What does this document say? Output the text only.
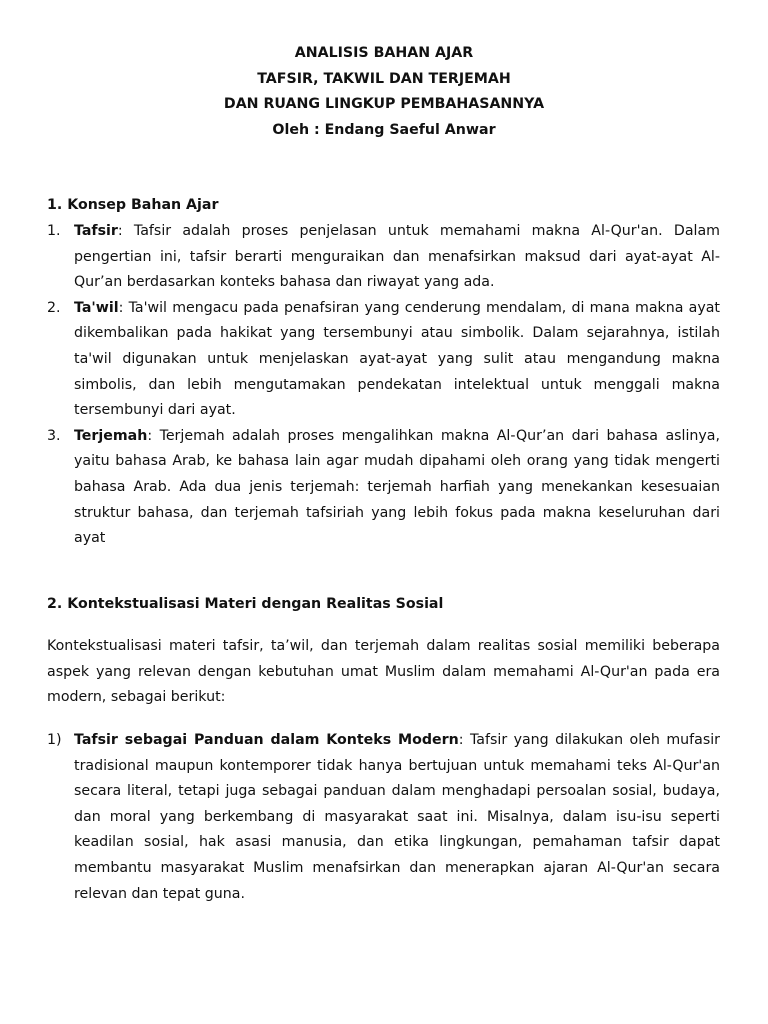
ANALISIS BAHAN AJAR
TAFSIR, TAKWIL DAN TERJEMAH
DAN RUANG LINGKUP PEMBAHASANNYA
Oleh : Endang Saeful Anwar
1. Konsep Bahan Ajar
1. Tafsir: Tafsir adalah proses penjelasan untuk memahami makna Al-Qur'an. Dalam pengertian ini, tafsir berarti menguraikan dan menafsirkan maksud dari ayat-ayat Al-Qur’an berdasarkan konteks bahasa dan riwayat yang ada.
2. Ta'wil: Ta'wil mengacu pada penafsiran yang cenderung mendalam, di mana makna ayat dikembalikan pada hakikat yang tersembunyi atau simbolik. Dalam sejarahnya, istilah ta'wil digunakan untuk menjelaskan ayat-ayat yang sulit atau mengandung makna simbolis, dan lebih mengutamakan pendekatan intelektual untuk menggali makna tersembunyi dari ayat.
3. Terjemah: Terjemah adalah proses mengalihkan makna Al-Qur’an dari bahasa aslinya, yaitu bahasa Arab, ke bahasa lain agar mudah dipahami oleh orang yang tidak mengerti bahasa Arab. Ada dua jenis terjemah: terjemah harfiah yang menekankan kesesuaian struktur bahasa, dan terjemah tafsiriah yang lebih fokus pada makna keseluruhan dari ayat
2. Kontekstualisasi Materi dengan Realitas Sosial
Kontekstualisasi materi tafsir, ta’wil, dan terjemah dalam realitas sosial memiliki beberapa aspek yang relevan dengan kebutuhan umat Muslim dalam memahami Al-Qur'an pada era modern, sebagai berikut:
1) Tafsir sebagai Panduan dalam Konteks Modern: Tafsir yang dilakukan oleh mufasir tradisional maupun kontemporer tidak hanya bertujuan untuk memahami teks Al-Qur'an secara literal, tetapi juga sebagai panduan dalam menghadapi persoalan sosial, budaya, dan moral yang berkembang di masyarakat saat ini. Misalnya, dalam isu-isu seperti keadilan sosial, hak asasi manusia, dan etika lingkungan, pemahaman tafsir dapat membantu masyarakat Muslim menafsirkan dan menerapkan ajaran Al-Qur'an secara relevan dan tepat guna.
